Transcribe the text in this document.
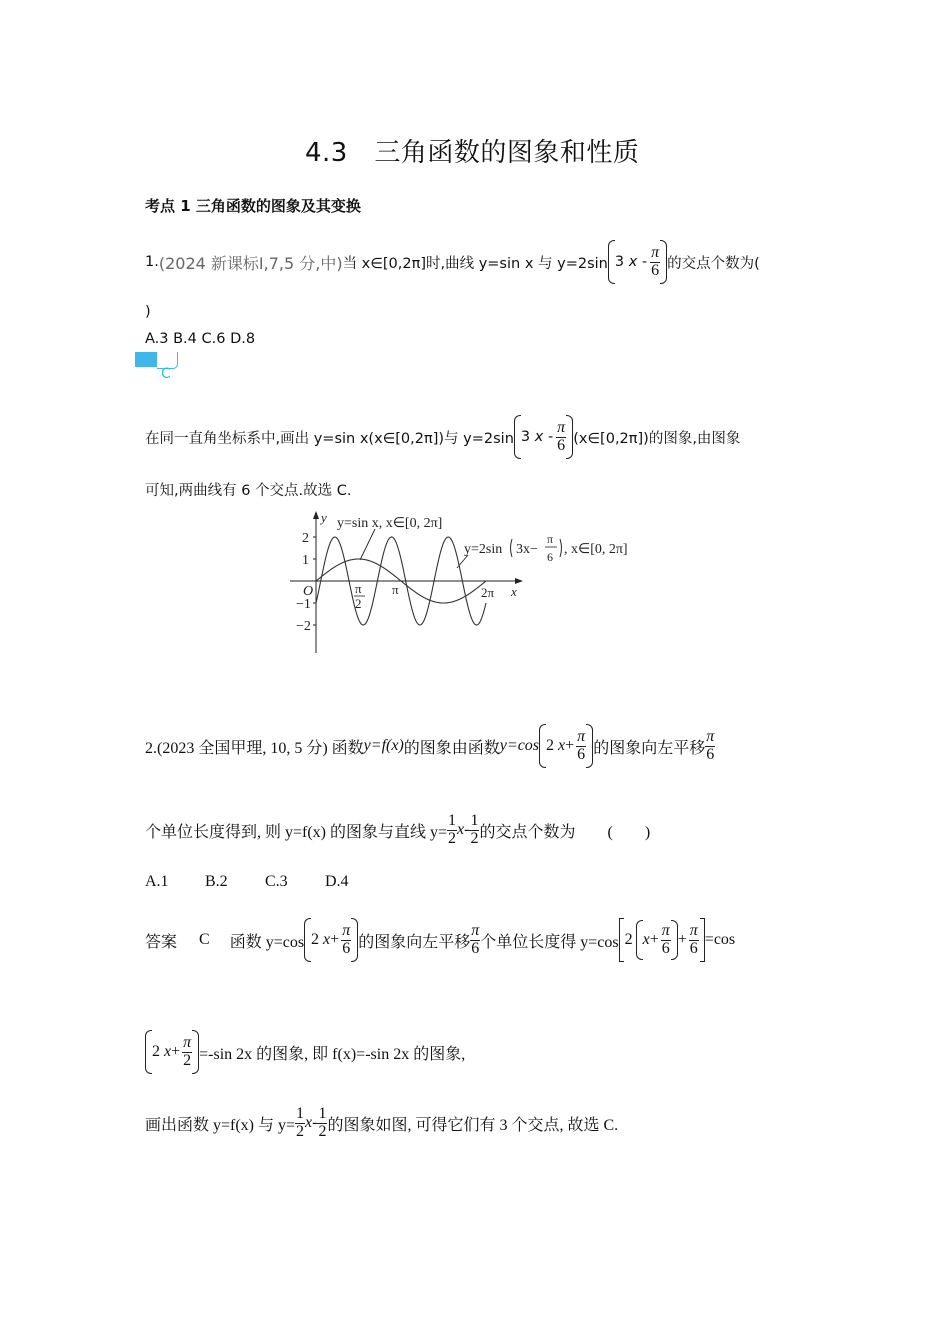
4.3　三角函数的图象和性质
考点 1 三角函数的图象及其变换
1. (2024 新课标Ⅰ,7,5 分,中) 当 x∈[0,2π]时,曲线 y=sin x 与 y=2sin 3
x
- $\frac{\pi}{6}$ 的交点个数为(
)
A.3 B.4 C.6 D.8
C
在同一直角坐标系中,画出 y=sin x(x∈[0,2π])与 y=2sin 3
x
- $\frac{\pi}{6}$ (x∈[0,2π])的图象,由图象
可知,两曲线有 6 个交点.故选 C.
2
1
−1
−2
O
y
x
π
2
π	2π
y=sin x, x∈[0, 2π]
y=2sin 3x−
π
6 , x∈[0, 2π]
2.(2023 全国甲理, 10, 5 分) 函数 y=f(x) 的图象由函数 y=cos 2 $x + \frac{\pi}{6}$ 的图象向左平移 $\frac{\pi}{6}$
个单位长度得到, 则 y=f(x) 的图象与直线 $y= \frac{1}{2} x- \frac{1}{2}$ 的交点个数为　　(　　)
A.1 B.2 C.3 D.4
答案 C 函数 y=cos 2 $x + \frac{\pi}{6}$ 的图象向左平移 $\frac{\pi}{6}$ 个单位长度得 y=cos 2 $x + \frac{\pi}{6} + \frac{\pi}{6} =\cos$
2 $x + \frac{\pi}{2} =-\sin$ 2x 的图象, 即 f(x)=-sin 2x 的图象,
画出函数 y=f(x) 与 $y= \frac{1}{2} x- \frac{1}{2}$ 的图象如图, 可得它们有 3 个交点, 故选 C.
